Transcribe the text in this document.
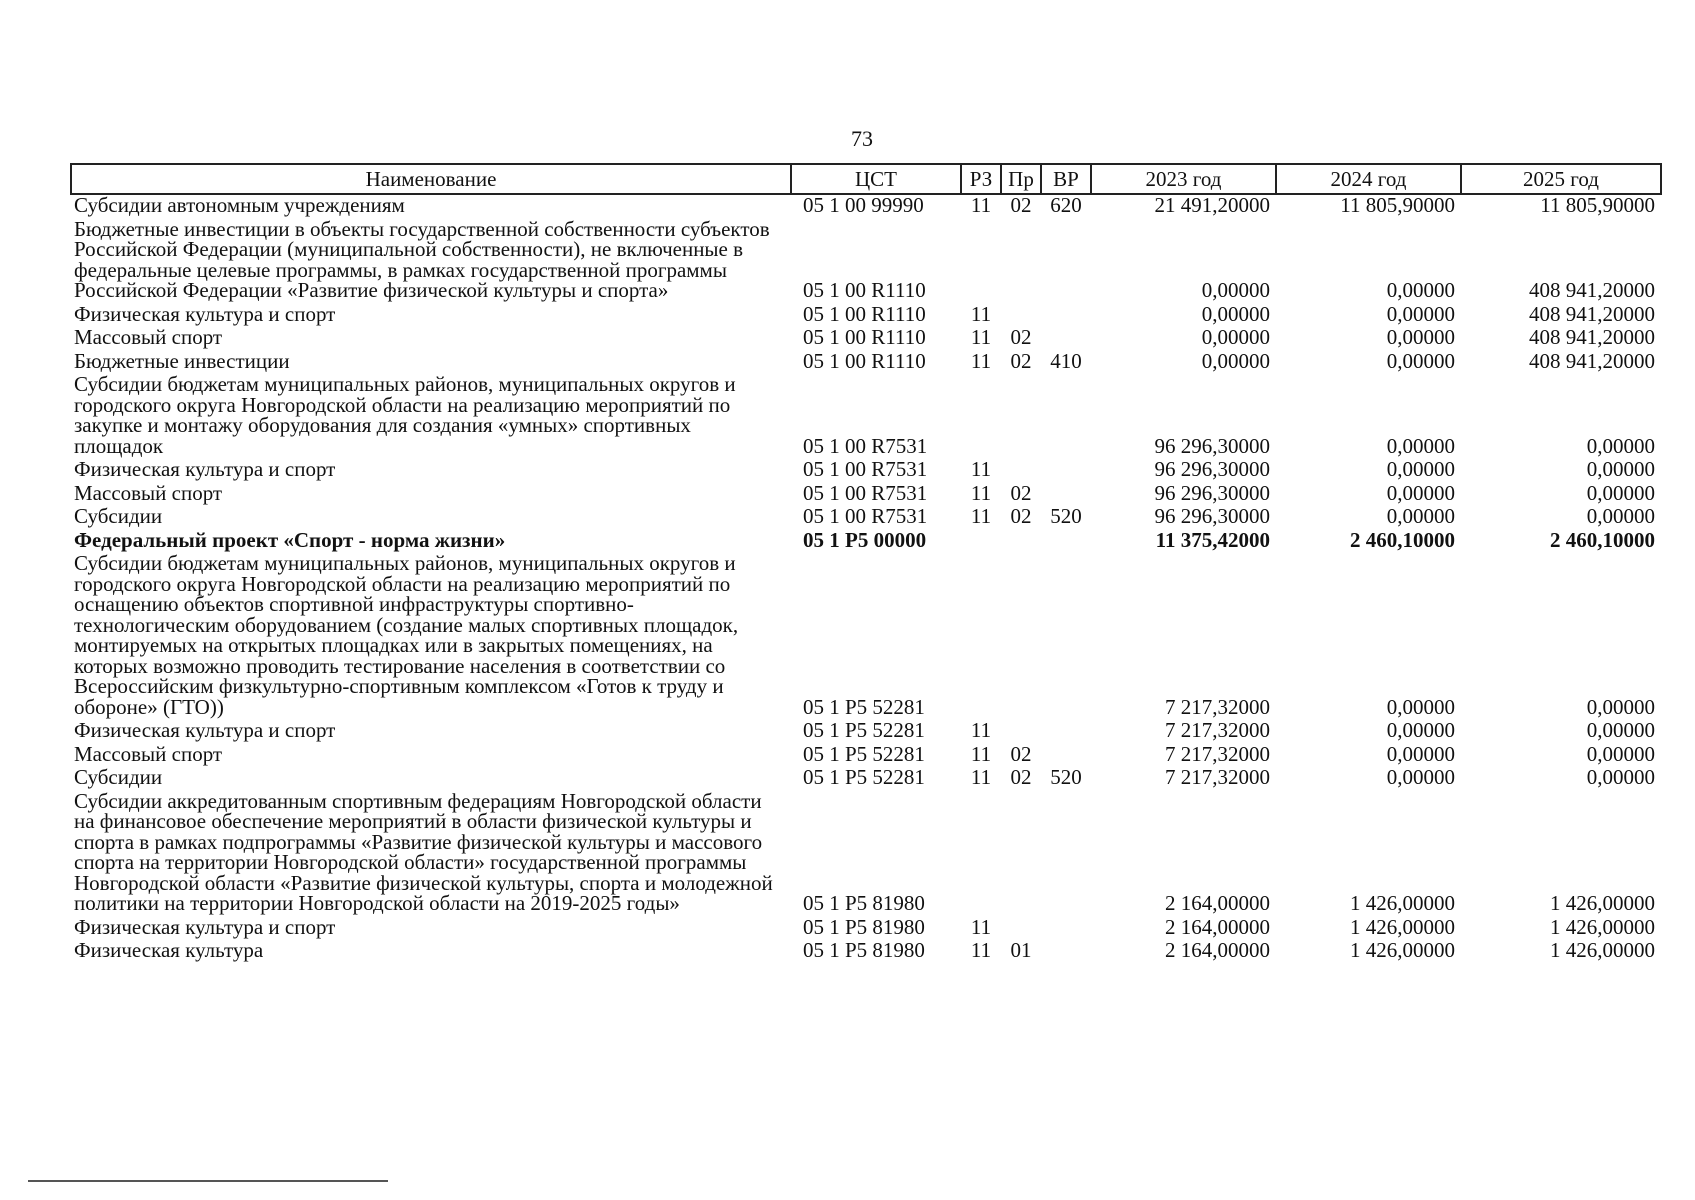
73
Наименование	ЦСТ	РЗ	Пр	ВР	2023 год	2024 год	2025 год
Субсидии автономным учреждениям	05 1 00 99990	11	02	620	21 491,20000	11 805,90000	11 805,90000
Бюджетные инвестиции в объекты государственной собственности субъектов Российской Федерации (муниципальной собственности), не включенные в федеральные целевые программы, в рамках государственной программы Российской Федерации «Развитие физической культуры и спорта»	05 1 00 R1110				0,00000	0,00000	408 941,20000
Физическая культура и спорт	05 1 00 R1110	11			0,00000	0,00000	408 941,20000
Массовый спорт	05 1 00 R1110	11	02		0,00000	0,00000	408 941,20000
Бюджетные инвестиции	05 1 00 R1110	11	02	410	0,00000	0,00000	408 941,20000
Субсидии бюджетам муниципальных районов, муниципальных округов и городского округа Новгородской области на реализацию мероприятий по закупке и монтажу оборудования для создания «умных» спортивных площадок	05 1 00 R7531				96 296,30000	0,00000	0,00000
Физическая культура и спорт	05 1 00 R7531	11			96 296,30000	0,00000	0,00000
Массовый спорт	05 1 00 R7531	11	02		96 296,30000	0,00000	0,00000
Субсидии	05 1 00 R7531	11	02	520	96 296,30000	0,00000	0,00000
Федеральный проект «Спорт - норма жизни»	05 1 P5 00000				11 375,42000	2 460,10000	2 460,10000
Субсидии бюджетам муниципальных районов, муниципальных округов и городского округа Новгородской области на реализацию мероприятий по оснащению объектов спортивной инфраструктуры спортивно-технологическим оборудованием (создание малых спортивных площадок, монтируемых на открытых площадках или в закрытых помещениях, на которых возможно проводить тестирование населения в соответствии со Всероссийским физкультурно-спортивным комплексом «Готов к труду и обороне» (ГТО))	05 1 P5 52281				7 217,32000	0,00000	0,00000
Физическая культура и спорт	05 1 P5 52281	11			7 217,32000	0,00000	0,00000
Массовый спорт	05 1 P5 52281	11	02		7 217,32000	0,00000	0,00000
Субсидии	05 1 P5 52281	11	02	520	7 217,32000	0,00000	0,00000
Субсидии аккредитованным спортивным федерациям Новгородской области на финансовое обеспечение мероприятий в области физической культуры и спорта в рамках подпрограммы «Развитие физической культуры и массового спорта на территории Новгородской области» государственной программы Новгородской области «Развитие физической культуры, спорта и молодежной политики на территории Новгородской области на 2019-2025 годы»	05 1 P5 81980				2 164,00000	1 426,00000	1 426,00000
Физическая культура и спорт	05 1 P5 81980	11			2 164,00000	1 426,00000	1 426,00000
Физическая культура	05 1 P5 81980	11	01		2 164,00000	1 426,00000	1 426,00000
